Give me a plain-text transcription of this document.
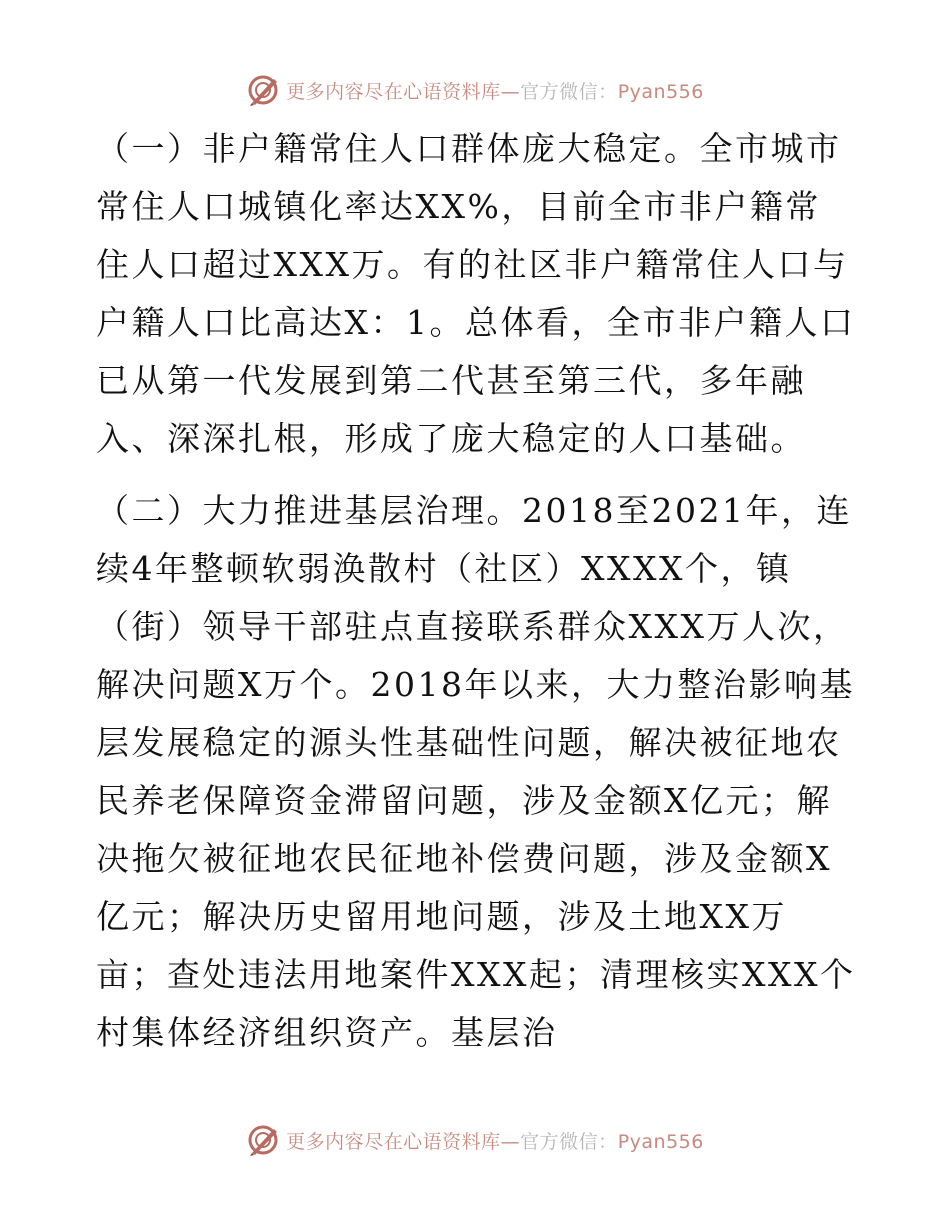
更多内容尽在心语资料库—官方微信：Pyan556

（一）非户籍常住人口群体庞大稳定。全市城市常住人口城镇化率达XX%，目前全市非户籍常住人口超过XXX万。有的社区非户籍常住人口与户籍人口比高达X：1。总体看，全市非户籍人口已从第一代发展到第二代甚至第三代，多年融入、深深扎根，形成了庞大稳定的人口基础。

（二）大力推进基层治理。2018至2021年，连续4年整顿软弱涣散村（社区）XXXX个，镇（街）领导干部驻点直接联系群众XXX万人次，解决问题X万个。2018年以来，大力整治影响基层发展稳定的源头性基础性问题，解决被征地农民养老保障资金滞留问题，涉及金额X亿元；解决拖欠被征地农民征地补偿费问题，涉及金额X亿元；解决历史留用地问题，涉及土地XX万亩；查处违法用地案件XXX起；清理核实XXX个村集体经济组织资产。基层治

更多内容尽在心语资料库—官方微信：Pyan556
